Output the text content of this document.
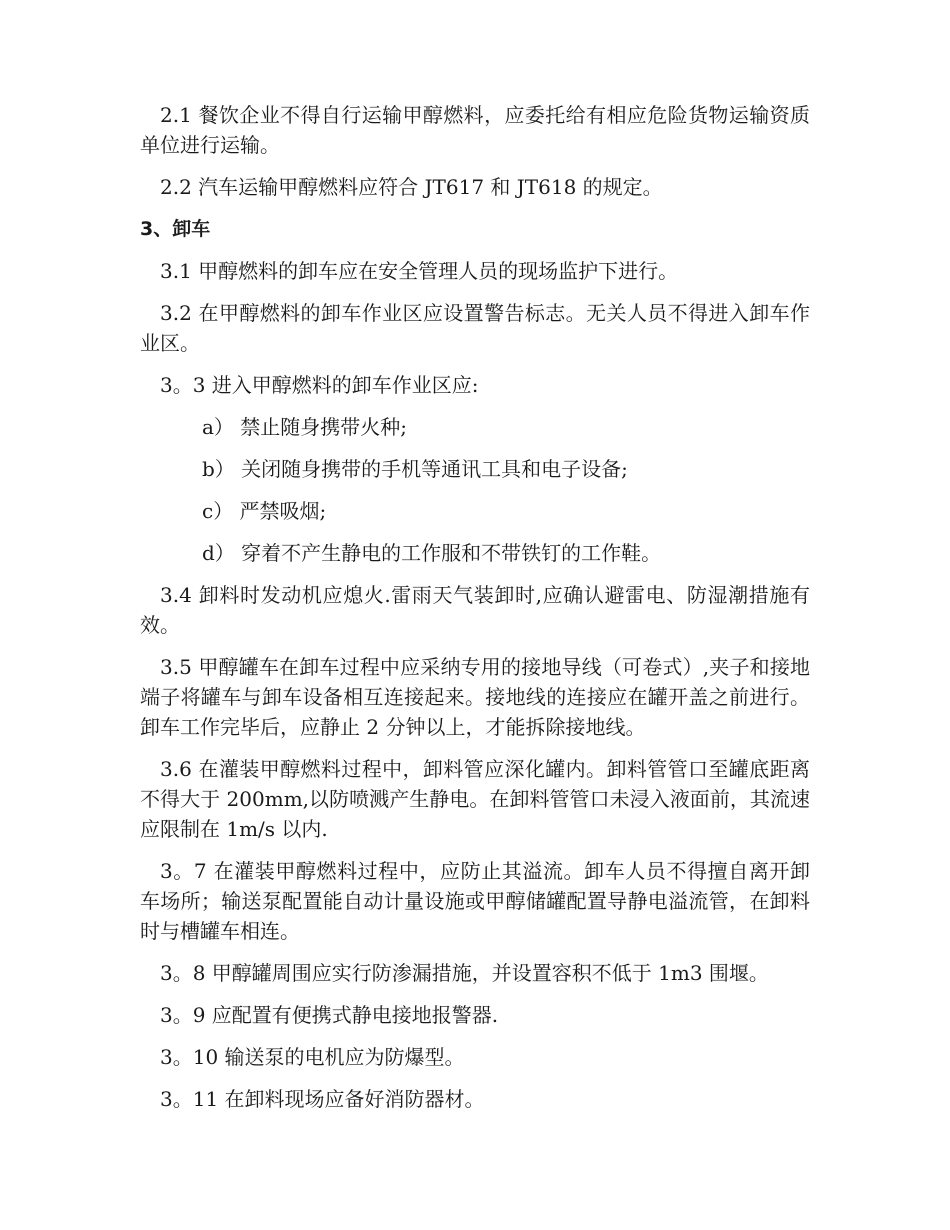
2.1 餐饮企业不得自行运输甲醇燃料，应委托给有相应危险货物运输资质单位进行运输。

2.2 汽车运输甲醇燃料应符合 JT617 和 JT618 的规定。

3、卸车

3.1 甲醇燃料的卸车应在安全管理人员的现场监护下进行。

3.2 在甲醇燃料的卸车作业区应设置警告标志。无关人员不得进入卸车作业区。

3。3 进入甲醇燃料的卸车作业区应:

a） 禁止随身携带火种;

b） 关闭随身携带的手机等通讯工具和电子设备;

c） 严禁吸烟;

d） 穿着不产生静电的工作服和不带铁钉的工作鞋。

3.4 卸料时发动机应熄火.雷雨天气装卸时,应确认避雷电、防湿潮措施有效。

3.5 甲醇罐车在卸车过程中应采纳专用的接地导线（可卷式）,夹子和接地端子将罐车与卸车设备相互连接起来。接地线的连接应在罐开盖之前进行。卸车工作完毕后，应静止 2 分钟以上，才能拆除接地线。

3.6 在灌装甲醇燃料过程中，卸料管应深化罐内。卸料管管口至罐底距离不得大于 200mm,以防喷溅产生静电。在卸料管管口未浸入液面前，其流速应限制在 1m/s 以内.

3。7 在灌装甲醇燃料过程中，应防止其溢流。卸车人员不得擅自离开卸车场所；输送泵配置能自动计量设施或甲醇储罐配置导静电溢流管，在卸料时与槽罐车相连。

3。8 甲醇罐周围应实行防渗漏措施，并设置容积不低于 1m3 围堰。

3。9 应配置有便携式静电接地报警器.

3。10 输送泵的电机应为防爆型。

3。11 在卸料现场应备好消防器材。
